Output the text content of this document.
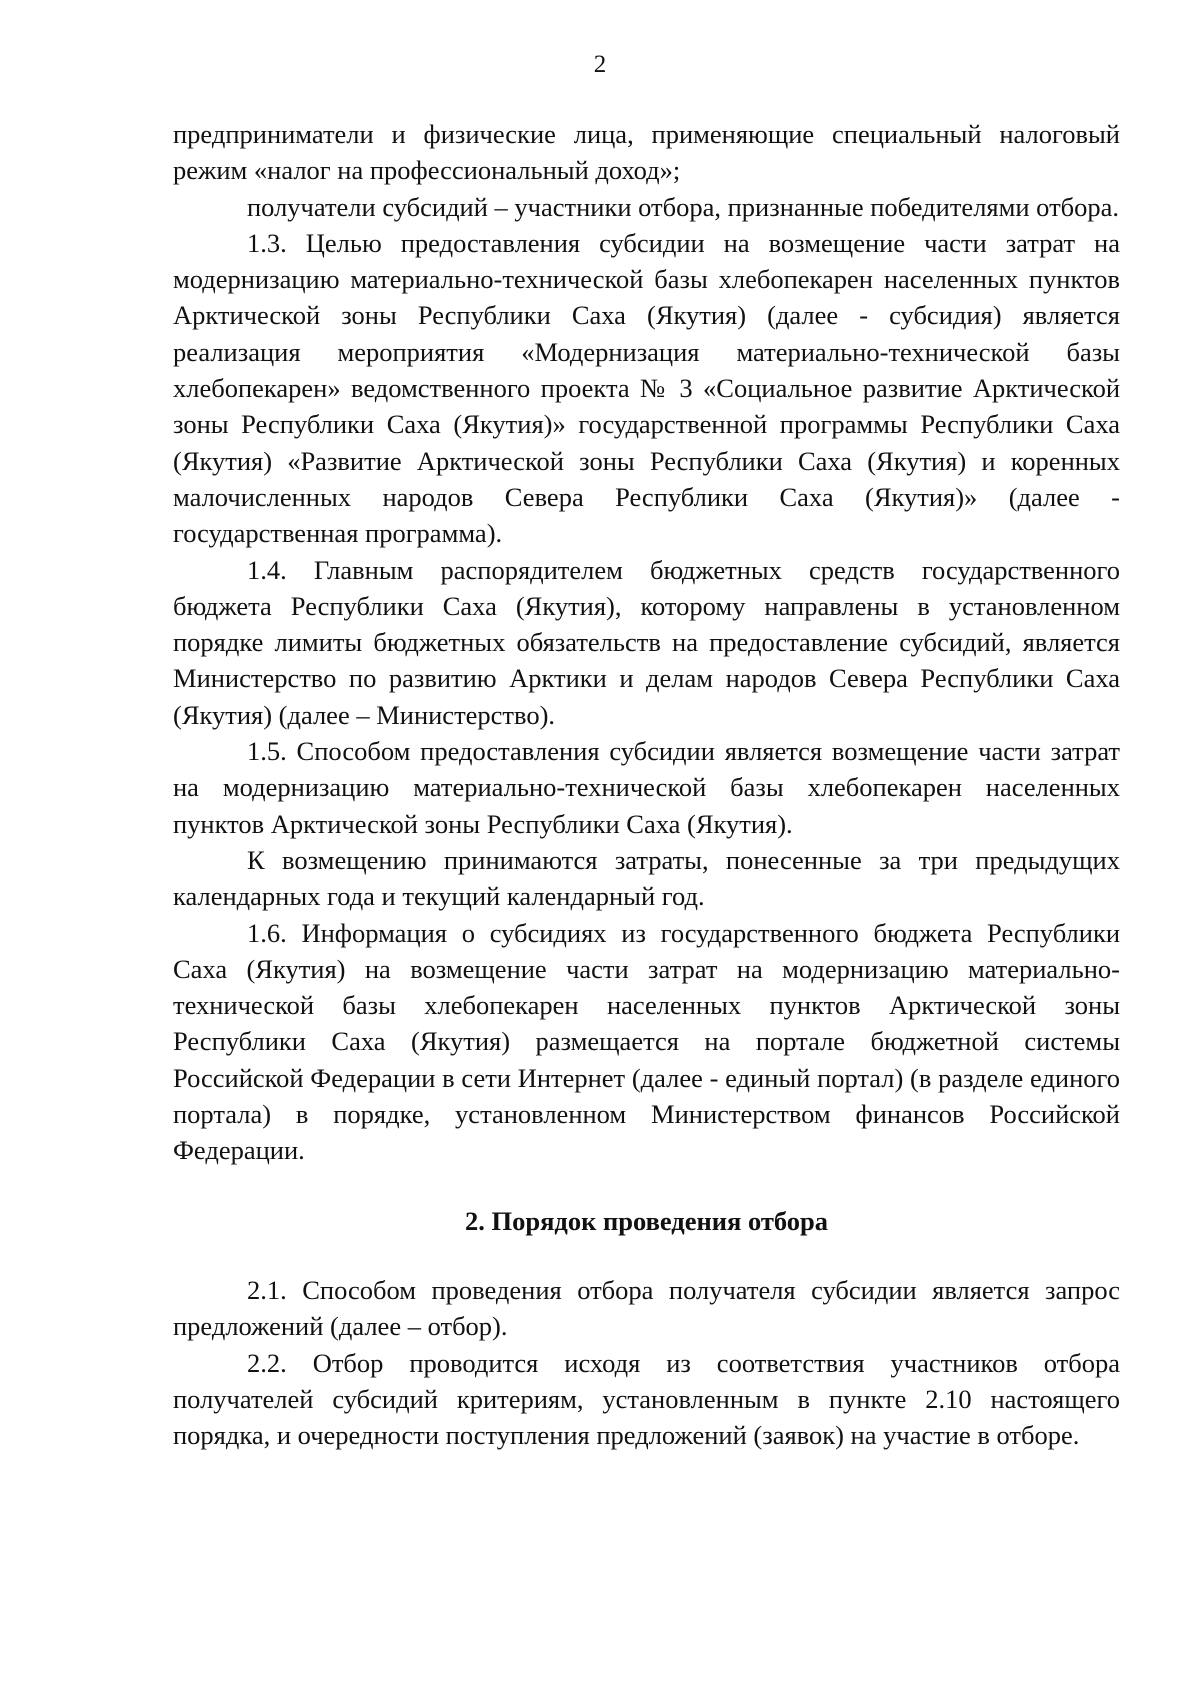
2

предприниматели и физические лица, применяющие специальный налоговый режим «налог на профессиональный доход»;

получатели субсидий – участники отбора, признанные победителями отбора.

1.3. Целью предоставления субсидии на возмещение части затрат на модернизацию материально-технической базы хлебопекарен населенных пунктов Арктической зоны Республики Саха (Якутия) (далее - субсидия) является реализация мероприятия «Модернизация материально-технической базы хлебопекарен» ведомственного проекта № 3 «Социальное развитие Арктической зоны Республики Саха (Якутия)» государственной программы Республики Саха (Якутия) «Развитие Арктической зоны Республики Саха (Якутия) и коренных малочисленных народов Севера Республики Саха (Якутия)» (далее - государственная программа).

1.4. Главным распорядителем бюджетных средств государственного бюджета Республики Саха (Якутия), которому направлены в установленном порядке лимиты бюджетных обязательств на предоставление субсидий, является Министерство по развитию Арктики и делам народов Севера Республики Саха (Якутия) (далее – Министерство).

1.5. Способом предоставления субсидии является возмещение части затрат на модернизацию материально-технической базы хлебопекарен населенных пунктов Арктической зоны Республики Саха (Якутия).

К возмещению принимаются затраты, понесенные за три предыдущих календарных года и текущий календарный год.

1.6. Информация о субсидиях из государственного бюджета Республики Саха (Якутия) на возмещение части затрат на модернизацию материально-технической базы хлебопекарен населенных пунктов Арктической зоны Республики Саха (Якутия) размещается на портале бюджетной системы Российской Федерации в сети Интернет (далее - единый портал) (в разделе единого портала) в порядке, установленном Министерством финансов Российской Федерации.

2. Порядок проведения отбора

2.1. Способом проведения отбора получателя субсидии является запрос предложений (далее – отбор).

2.2. Отбор проводится исходя из соответствия участников отбора получателей субсидий критериям, установленным в пункте 2.10 настоящего порядка, и очередности поступления предложений (заявок) на участие в отборе.
